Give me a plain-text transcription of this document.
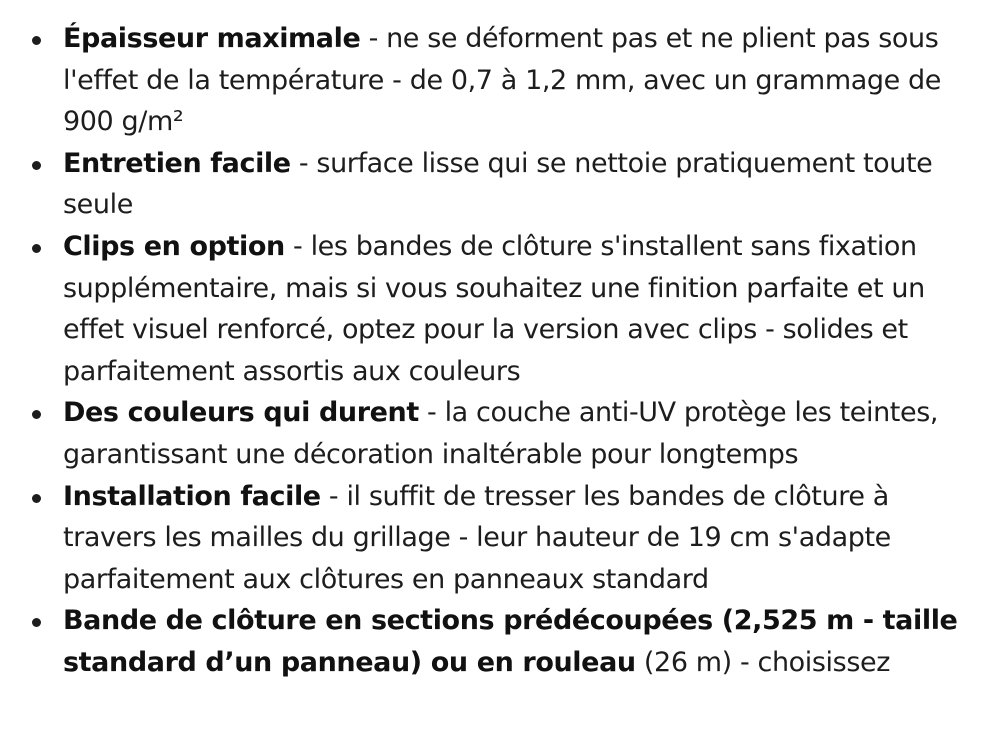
Épaisseur maximale - ne se déforment pas et ne plient pas sous l'effet de la température - de 0,7 à 1,2 mm, avec un grammage de 900 g/m²
Entretien facile - surface lisse qui se nettoie pratiquement toute seule
Clips en option - les bandes de clôture s'installent sans fixation supplémentaire, mais si vous souhaitez une finition parfaite et un effet visuel renforcé, optez pour la version avec clips - solides et parfaitement assortis aux couleurs
Des couleurs qui durent - la couche anti-UV protège les teintes, garantissant une décoration inaltérable pour longtemps
Installation facile - il suffit de tresser les bandes de clôture à travers les mailles du grillage - leur hauteur de 19 cm s'adapte parfaitement aux clôtures en panneaux standard
Bande de clôture en sections prédécoupées (2,525 m - taille standard d’un panneau) ou en rouleau (26 m) - choisissez
